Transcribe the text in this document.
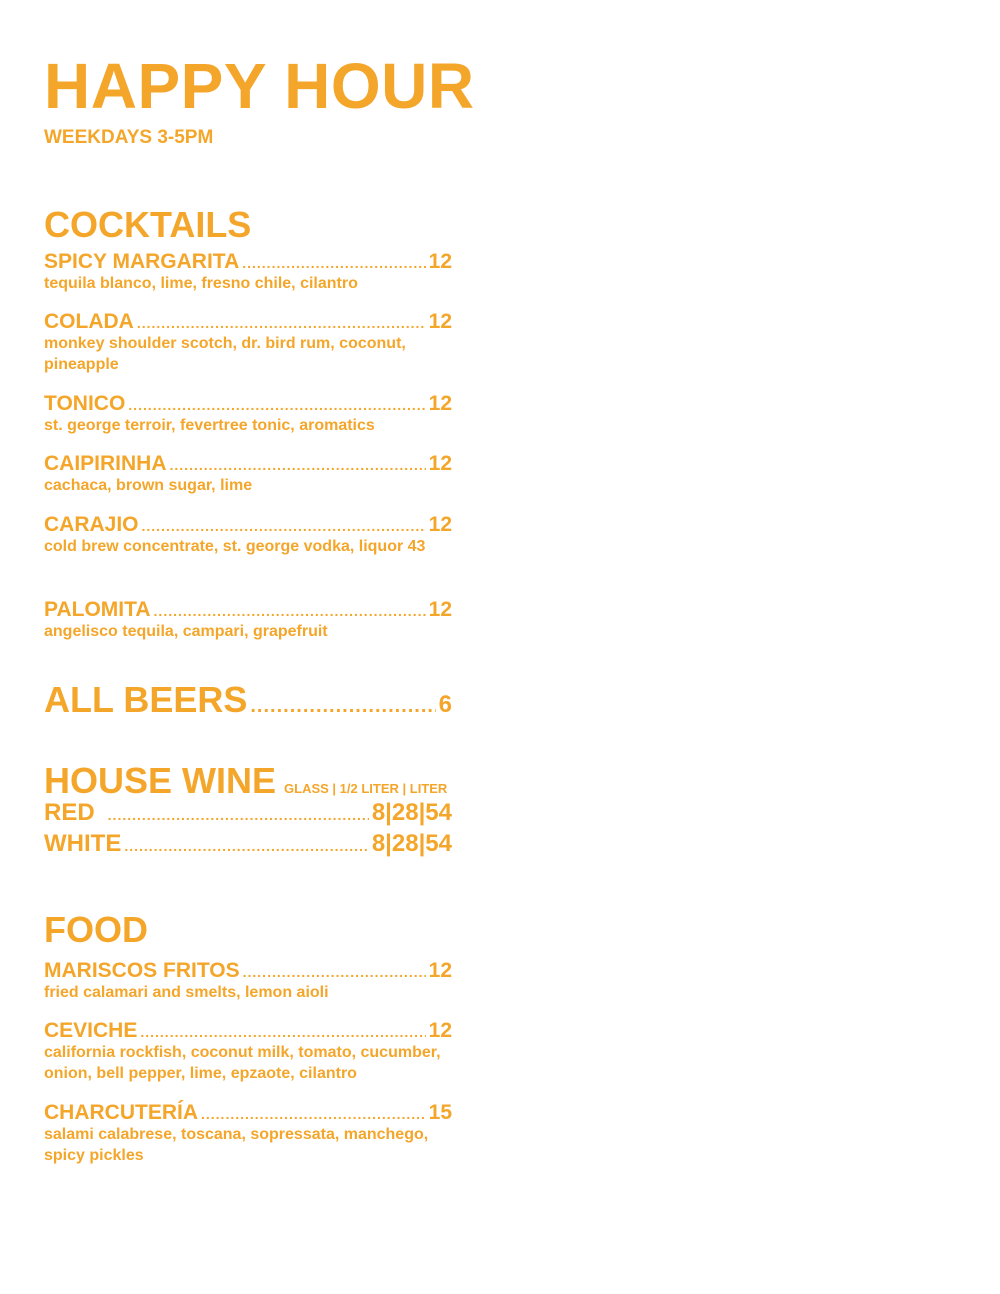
HAPPY HOUR
WEEKDAYS 3-5PM
COCKTAILS
SPICY MARGARITA .....	12
tequila blanco, lime, fresno chile, cilantro
COLADA .....	12
monkey shoulder scotch, dr. bird rum, coconut, pineapple
TONICO .....	12
st. george terroir, fevertree tonic, aromatics
CAIPIRINHA .....	12
cachaca, brown sugar, lime
CARAJIO .....	12
cold brew concentrate, st. george vodka, liquor 43
PALOMITA .....	12
angelisco tequila, campari, grapefruit
ALL BEERS .....	6
HOUSE WINE GLASS | 1/2 LITER | LITER
RED .....	8|28|54
WHITE .....	8|28|54
FOOD
MARISCOS FRITOS .....	12
fried calamari and smelts, lemon aioli
CEVICHE .....	12
california rockfish, coconut milk, tomato, cucumber, onion, bell pepper, lime, epzaote, cilantro
CHARCUTERÍA .....	15
salami calabrese, toscana, sopressata, manchego, spicy pickles
